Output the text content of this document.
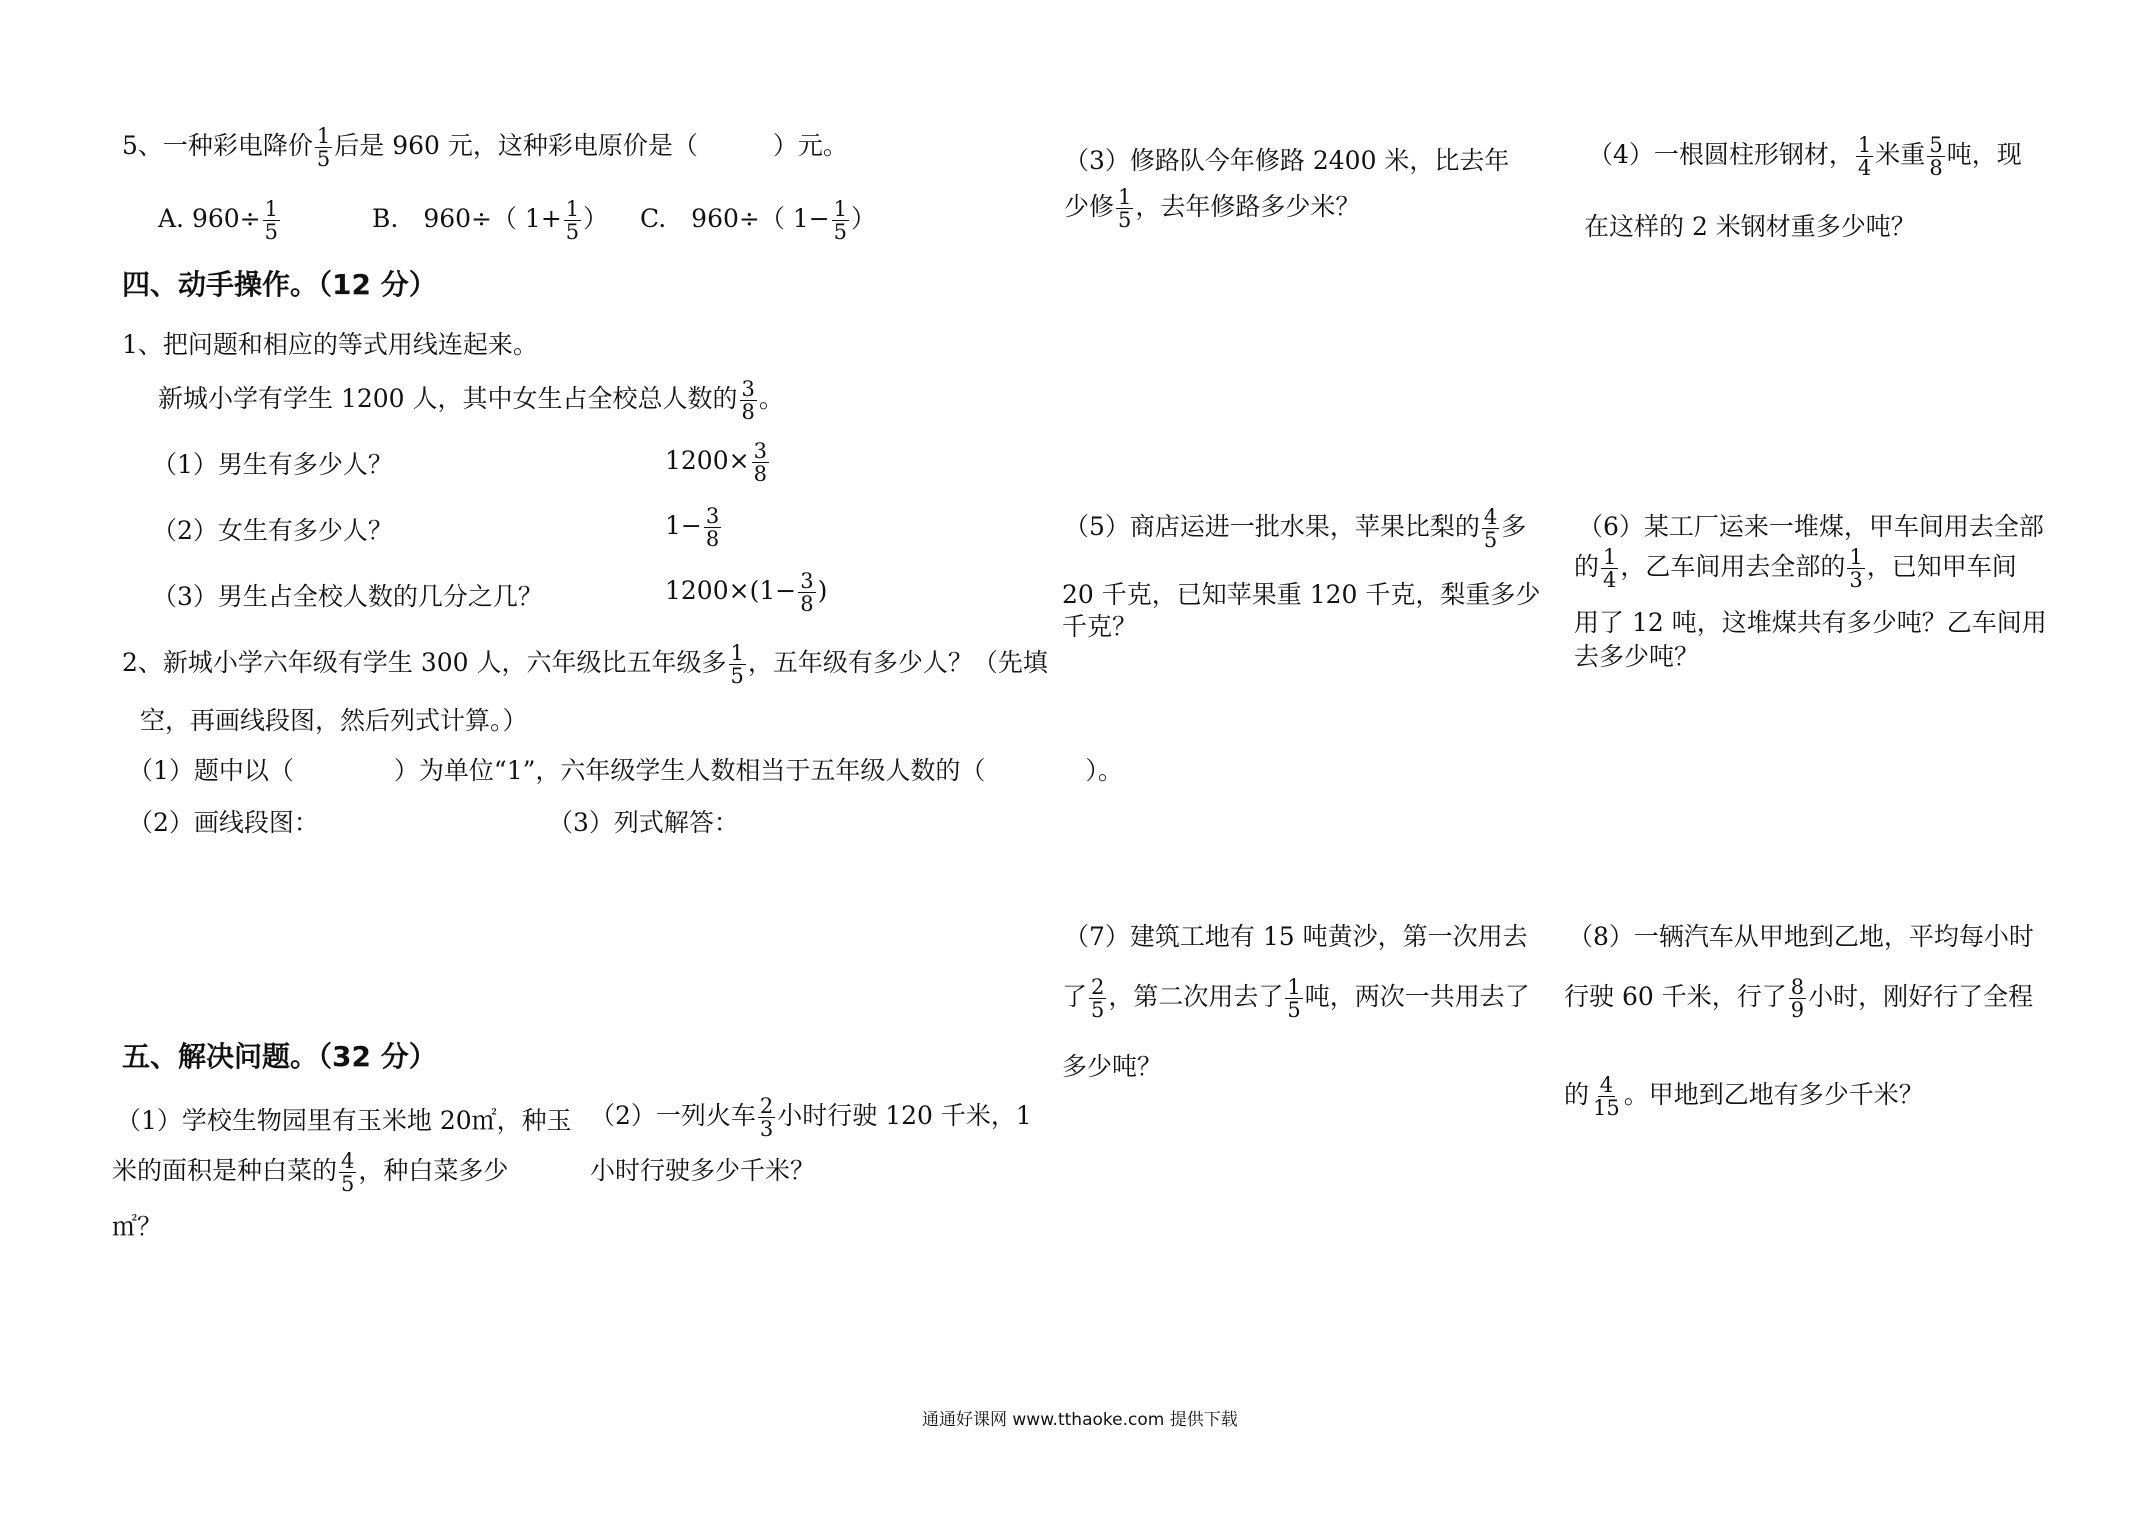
5、一种彩电降价 $\frac{1}{5}$ 后是 960 元，这种彩电原价是（　　　）元。
A. $960\div \frac{1}{5}$	B.　960÷（ $1+ \frac{1}{5}$ ） C.　960÷（ $1- \frac{1}{5}$ ）
四、动手操作。（12 分）
1、把问题和相应的等式用线连起来。
新城小学有学生 1200 人，其中女生占全校总人数的 $\frac{3}{8}$ 。
（1）男生有多少人？
（2）女生有多少人？
（3）男生占全校人数的几分之几？
$1200\times \frac{3}{8}$
$1- \frac{3}{8}$
$1200\times(1- \frac{3}{8}$ )
2、新城小学六年级有学生 300 人，六年级比五年级多 $\frac{1}{5}$ ，五年级有多少人？（先填
空，再画线段图，然后列式计算。）
（1）题中以（　　　　）为单位“1”，六年级学生人数相当于五年级人数的（　　　　）。
（2）画线段图：	（3）列式解答：
五、解决问题。（32 分）
（1）学校生物园里有玉米地 20㎡，种玉
米的面积是种白菜的 $\frac{4}{5}$ ，种白菜多少
㎡？
（2）一列火车 $\frac{2}{3}$ 小时行驶 120 千米，1
小时行驶多少千米？
（3）修路队今年修路 2400 米，比去年
少修 $\frac{1}{5}$ ，去年修路多少米？
（4）一根圆柱形钢材， $\frac{1}{4}$ 米重 $\frac{5}{8}$ 吨，现
在这样的 2 米钢材重多少吨？
（5）商店运进一批水果，苹果比梨的 $\frac{4}{5}$ 多
20 千克，已知苹果重 120 千克，梨重多少
千克？
（6）某工厂运来一堆煤，甲车间用去全部
的 $\frac{1}{4}$ ，乙车间用去全部的 $\frac{1}{3}$ ，已知甲车间
用了 12 吨，这堆煤共有多少吨？乙车间用
去多少吨？
（7）建筑工地有 15 吨黄沙，第一次用去
了 $\frac{2}{5}$ ，第二次用去了 $\frac{1}{5}$ 吨，两次一共用去了
多少吨？
（8）一辆汽车从甲地到乙地，平均每小时
行驶 60 千米，行了 $\frac{8}{9}$ 小时，刚好行了全程
的 $\frac{4}{15}$ 。甲地到乙地有多少千米？
通通好课网 www.tthaoke.com 提供下载
